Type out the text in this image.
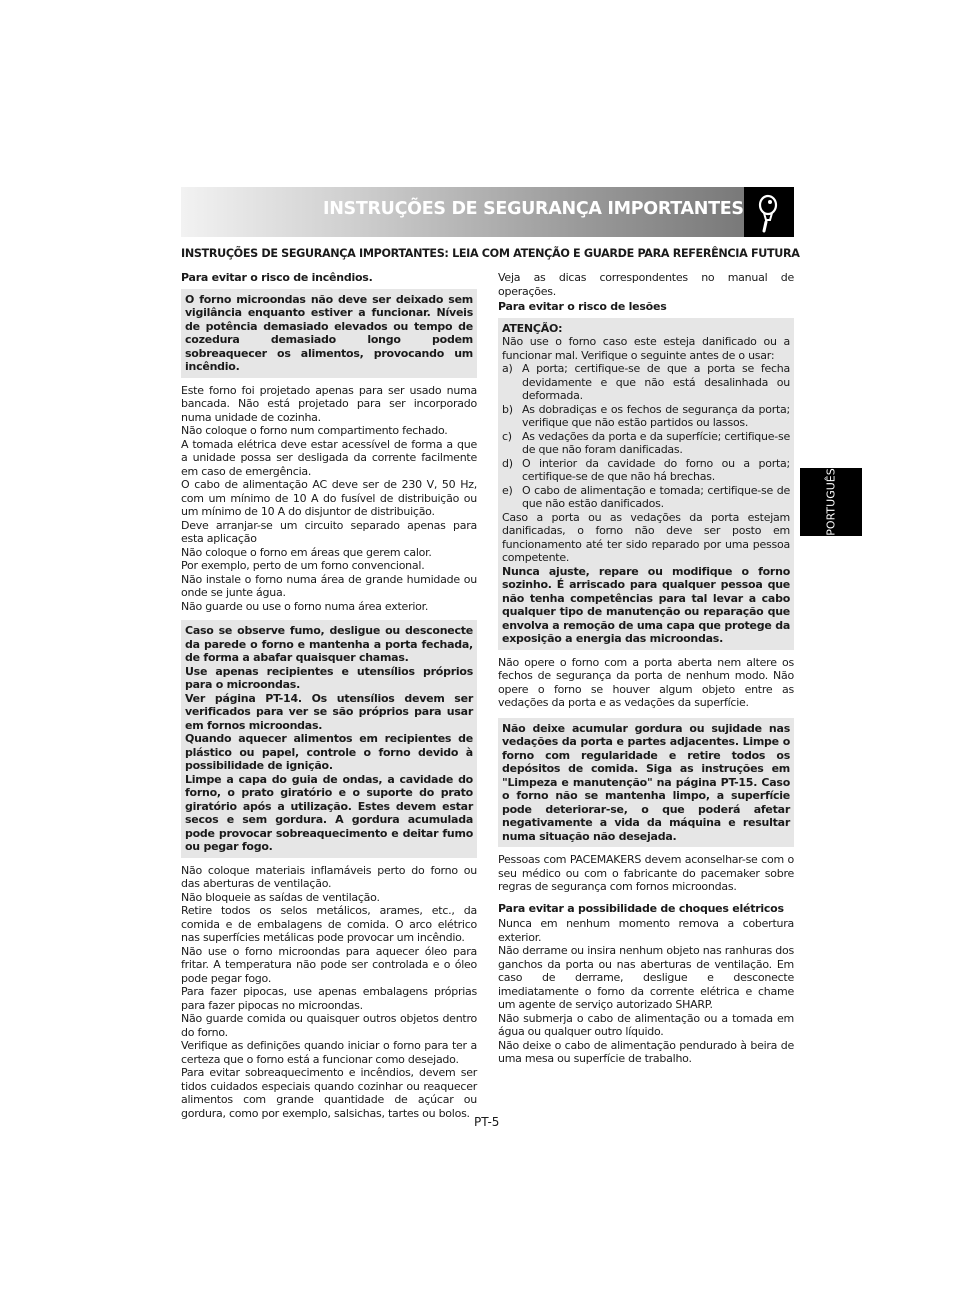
INSTRUÇÕES DE SEGURANÇA IMPORTANTES
INSTRUÇÕES DE SEGURANÇA IMPORTANTES: LEIA COM ATENÇÃO E GUARDE PARA REFERÊNCIA FUTURA

Para evitar o risco de incêndios.

O forno microondas não deve ser deixado sem vigilância enquanto estiver a funcionar. Níveis de potência demasiado elevados ou tempo de cozedura demasiado longo podem sobreaquecer os alimentos, provocando um incêndio.

Este forno foi projetado apenas para ser usado numa bancada. Não está projetado para ser incorporado numa unidade de cozinha.

Não coloque o forno num compartimento fechado.

A tomada elétrica deve estar acessível de forma a que a unidade possa ser desligada da corrente facilmente em caso de emergência.

O cabo de alimentação AC deve ser de 230 V, 50 Hz, com um mínimo de 10 A do fusível de distribuição ou um mínimo de 10 A do disjuntor de distribuição.

Deve arranjar-se um circuito separado apenas para esta aplicação

Não coloque o forno em áreas que gerem calor.

Por exemplo, perto de um forno convencional.

Não instale o forno numa área de grande humidade ou onde se junte água.

Não guarde ou use o forno numa área exterior.

Caso se observe fumo, desligue ou desconecte da parede o forno e mantenha a porta fechada, de forma a abafar quaisquer chamas.

Use apenas recipientes e utensílios próprios para o microondas.

Ver página PT-14. Os utensílios devem ser verificados para ver se são próprios para usar em fornos microondas.

Quando aquecer alimentos em recipientes de plástico ou papel, controle o forno devido à possibilidade de ignição.

Limpe a capa do guia de ondas, a cavidade do forno, o prato giratório e o suporte do prato giratório após a utilização. Estes devem estar secos e sem gordura. A gordura acumulada pode provocar sobreaquecimento e deitar fumo ou pegar fogo.

Não coloque materiais inflamáveis perto do forno ou das aberturas de ventilação.

Não bloqueie as saídas de ventilação.

Retire todos os selos metálicos, arames, etc., da comida e de embalagens de comida. O arco elétrico nas superfícies metálicas pode provocar um incêndio.

Não use o forno microondas para aquecer óleo para fritar. A temperatura não pode ser controlada e o óleo pode pegar fogo.

Para fazer pipocas, use apenas embalagens próprias para fazer pipocas no microondas.

Não guarde comida ou quaisquer outros objetos dentro do forno.

Verifique as definições quando iniciar o forno para ter a certeza que o forno está a funcionar como desejado.

Para evitar sobreaquecimento e incêndios, devem ser tidos cuidados especiais quando cozinhar ou reaquecer alimentos com grande quantidade de açúcar ou gordura, como por exemplo, salsichas, tartes ou bolos.

Veja as dicas correspondentes no manual de operações.

Para evitar o risco de lesões

ATENÇÃO:

Não use o forno caso este esteja danificado ou a funcionar mal. Verifique o seguinte antes de o usar:

a) A porta; certifique-se de que a porta se fecha devidamente e que não está desalinhada ou deformada.
b) As dobradiças e os fechos de segurança da porta; verifique que não estão partidos ou lassos.
c) As vedações da porta e da superfície; certifique-se de que não foram danificadas.
d) O interior da cavidade do forno ou a porta; certifique-se de que não há brechas.
e) O cabo de alimentação e tomada; certifique-se de que não estão danificados.

Caso a porta ou as vedações da porta estejam danificadas, o forno não deve ser posto em funcionamento até ter sido reparado por uma pessoa competente.

Nunca ajuste, repare ou modifique o forno sozinho. É arriscado para qualquer pessoa que não tenha competências para tal levar a cabo qualquer tipo de manutenção ou reparação que envolva a remoção de uma capa que protege da exposição a energia das microondas.

Não opere o forno com a porta aberta nem altere os fechos de segurança da porta de nenhum modo. Não opere o forno se houver algum objeto entre as vedações da porta e as vedações da superfície.

Não deixe acumular gordura ou sujidade nas vedações da porta e partes adjacentes. Limpe o forno com regularidade e retire todos os depósitos de comida. Siga as instruções em "Limpeza e manutenção" na página PT-15. Caso o forno não se mantenha limpo, a superfície pode deteriorar-se, o que poderá afetar negativamente a vida da máquina e resultar numa situação não desejada.

Pessoas com PACEMAKERS devem aconselhar-se com o seu médico ou com o fabricante do pacemaker sobre regras de segurança com fornos microondas.

Para evitar a possibilidade de choques elétricos

Nunca em nenhum momento remova a cobertura exterior.

Não derrame ou insira nenhum objeto nas ranhuras dos ganchos da porta ou nas aberturas de ventilação. Em caso de derrame, desligue e desconecte imediatamente o forno da corrente elétrica e chame um agente de serviço autorizado SHARP.

Não submerja o cabo de alimentação ou a tomada em água ou qualquer outro líquido.

Não deixe o cabo de alimentação pendurado à beira de uma mesa ou superfície de trabalho.

PORTUGUÊS
PT-5
